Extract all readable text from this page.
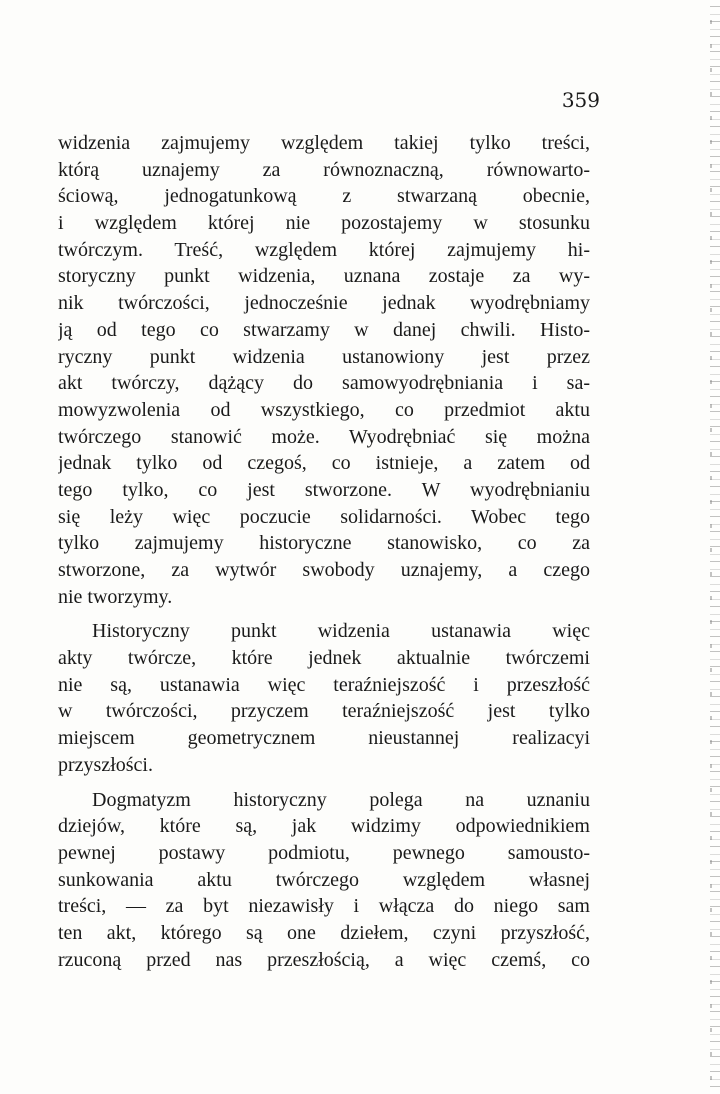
359
widzenia zajmujemy względem takiej tylko treści,
którą uznajemy za równoznaczną, równowarto-
ściową, jednogatunkową z stwarzaną obecnie,
i względem której nie pozostajemy w stosunku
twórczym. Treść, względem której zajmujemy hi-
storyczny punkt widzenia, uznana zostaje za wy-
nik twórczości, jednocześnie jednak wyodrębniamy
ją od tego co stwarzamy w danej chwili. Histo-
ryczny punkt widzenia ustanowiony jest przez
akt twórczy, dążący do samowyodrębniania i sa-
mowyzwolenia od wszystkiego, co przedmiot aktu
twórczego stanowić może. Wyodrębniać się można
jednak tylko od czegoś, co istnieje, a zatem od
tego tylko, co jest stworzone. W wyodrębnianiu
się leży więc poczucie solidarności. Wobec tego
tylko zajmujemy historyczne stanowisko, co za
stworzone, za wytwór swobody uznajemy, a czego
nie tworzymy.
Historyczny punkt widzenia ustanawia więc
akty twórcze, które jednek aktualnie twórczemi
nie są, ustanawia więc teraźniejszość i przeszłość
w twórczości, przyczem teraźniejszość jest tylko
miejscem geometrycznem nieustannej realizacyi
przyszłości.
Dogmatyzm historyczny polega na uznaniu
dziejów, które są, jak widzimy odpowiednikiem
pewnej postawy podmiotu, pewnego samousto-
sunkowania aktu twórczego względem własnej
treści, — za byt niezawisły i włącza do niego sam
ten akt, którego są one dziełem, czyni przyszłość,
rzuconą przed nas przeszłością, a więc czemś, co
